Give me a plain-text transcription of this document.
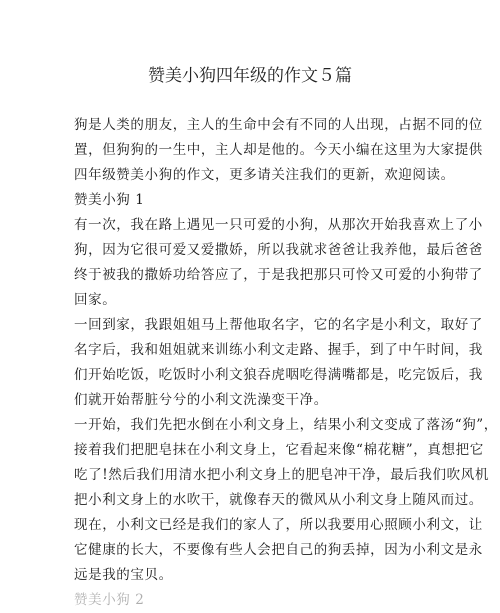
赞美小狗四年级的作文５篇
狗是人类的朋友，主人的生命中会有不同的人出现，占据不同的位
置，但狗狗的一生中，主人却是他的。今天小编在这里为大家提供
四年级赞美小狗的作文，更多请关注我们的更新，欢迎阅读。
赞美小狗 1
有一次，我在路上遇见一只可爱的小狗，从那次开始我喜欢上了小
狗，因为它很可爱又爱撒娇，所以我就求爸爸让我养他，最后爸爸
终于被我的撒娇功给答应了，于是我把那只可怜又可爱的小狗带了
回家。
一回到家，我跟姐姐马上帮他取名字，它的名字是小利文，取好了
名字后，我和姐姐就来训练小利文走路、握手，到了中午时间，我
们开始吃饭，吃饭时小利文狼吞虎咽吃得满嘴都是，吃完饭后，我
们就开始帮脏兮兮的小利文洗澡变干净。
一开始，我们先把水倒在小利文身上，结果小利文变成了落汤“狗”，
接着我们把肥皂抹在小利文身上，它看起来像“棉花糖”，真想把它
吃了!然后我们用清水把小利文身上的肥皂冲干净，最后我们吹风机
把小利文身上的水吹干，就像春天的微风从小利文身上随风而过。
现在，小利文已经是我们的家人了，所以我要用心照顾小利文，让
它健康的长大，不要像有些人会把自己的狗丢掉，因为小利文是永
远是我的宝贝。
赞美小狗 2
